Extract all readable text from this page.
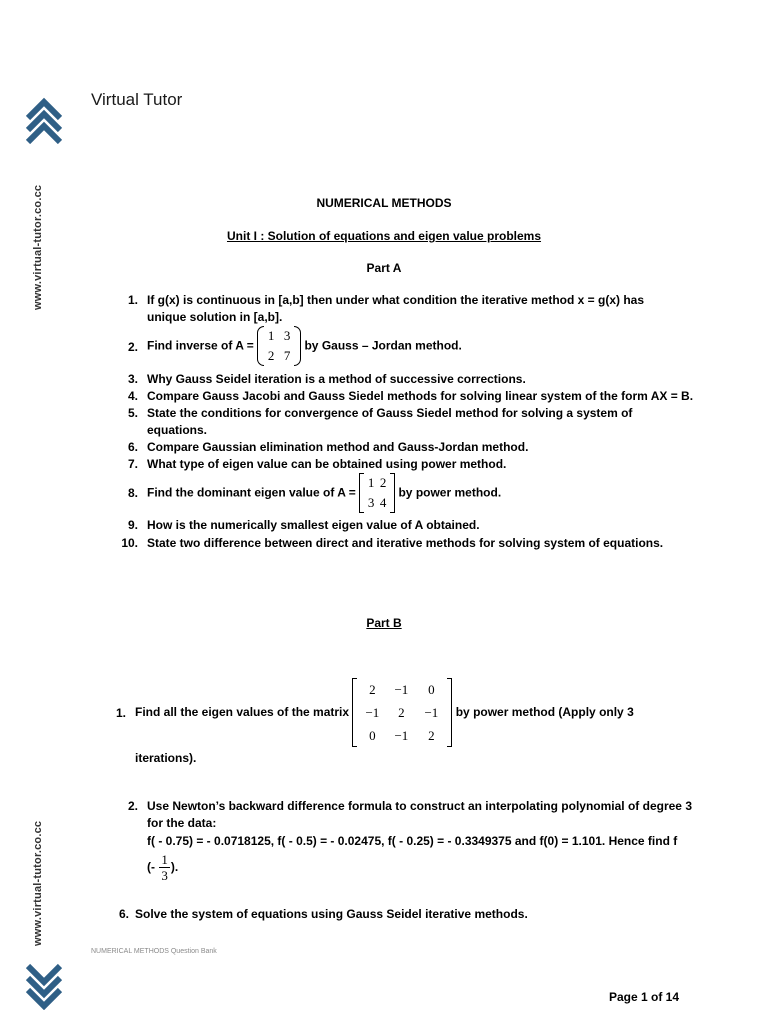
www.virtual-tutor.co.cc
www.virtual-tutor.co.cc
Virtual Tutor
NUMERICAL METHODS
Unit I : Solution of equations and eigen value problems
Part A
1. If g(x) is continuous in [a,b] then under what condition the iterative method x = g(x) has
unique solution in [a,b].
2. Find inverse of A =
1 3
2 7
by Gauss – Jordan method.
3. Why Gauss Seidel iteration is a method of successive corrections.
4. Compare Gauss Jacobi and Gauss Siedel methods for solving linear system of the form AX = B.
5. State the conditions for convergence of Gauss Siedel method for solving a system of
equations.
6. Compare Gaussian elimination method and Gauss-Jordan method.
7. What type of eigen value can be obtained using power method.
8. Find the dominant eigen value of A =
1 2
3 4
by power method.
9. How is the numerically smallest eigen value of A obtained.
10. State two difference between direct and iterative methods for solving system of equations.
Part B
1. Find all the eigen values of the matrix
2 −1 0
−1 2 −1
0 −1 2
by power method (Apply only 3
iterations).
2. Use Newton’s backward difference formula to construct an interpolating polynomial of degree 3
for the data:
f( - 0.75) = - 0.0718125, f( - 0.5) = - 0.02475, f( - 0.25) = - 0.3349375 and f(0) = 1.101. Hence find f
(- $\frac{1}{3}$ ).
6. Solve the system of equations using Gauss Seidel iterative methods.
NUMERICAL METHODS Question Bank
Page 1 of 14
